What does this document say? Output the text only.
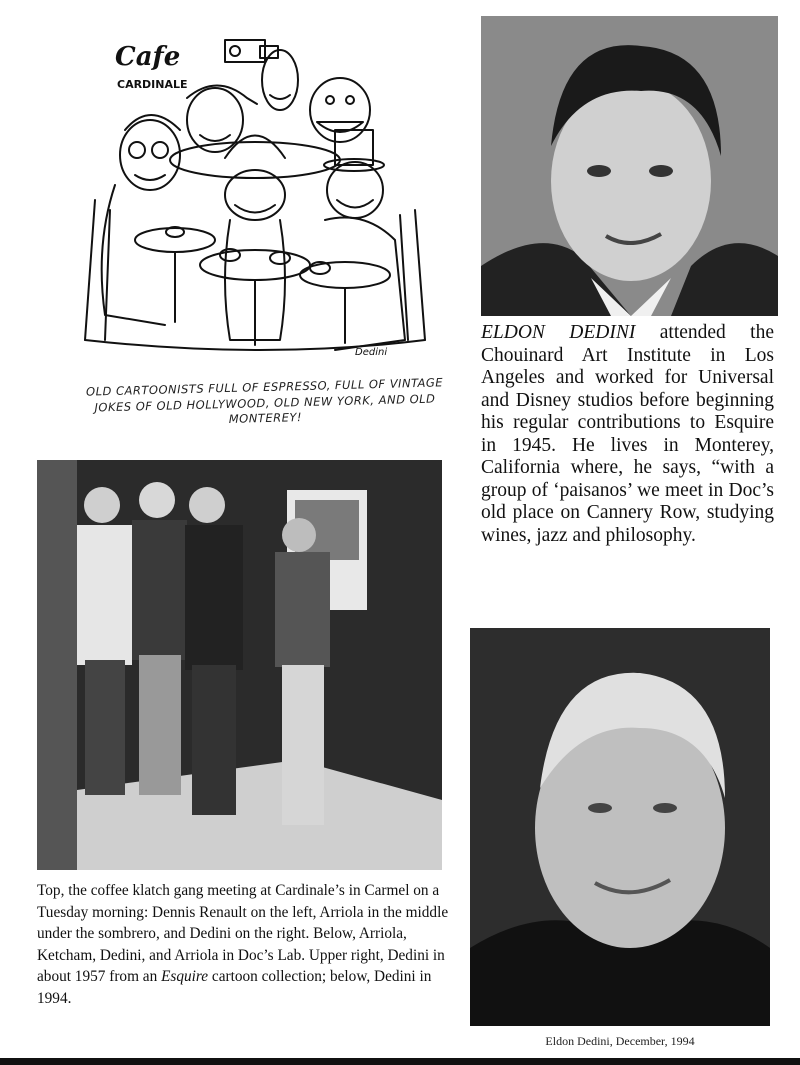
Cafe
CARDINALE
Dedini
OLD CARTOONISTS FULL OF ESPRESSO, FULL OF VINTAGE JOKES OF OLD HOLLYWOOD, OLD NEW YORK, AND OLD MONTEREY!
ELDON DEDINI attended the Chouinard Art Institute in Los Angeles and worked for Universal and Disney studios before beginning his regular contributions to Esquire in 1945. He lives in Monterey, California where, he says, “with a group of ‘paisanos’ we meet in Doc’s old place on Cannery Row, studying wines, jazz and philosophy.
Top, the coffee klatch gang meeting at Cardinale’s in Carmel on a Tuesday morning: Dennis Renault on the left, Arriola in the middle under the sombrero, and Dedini on the right. Below, Arriola, Ketcham, Dedini, and Arriola in Doc’s Lab. Upper right, Dedini in about 1957 from an Esquire cartoon collection; below, Dedini in 1994.
Eldon Dedini, December, 1994
